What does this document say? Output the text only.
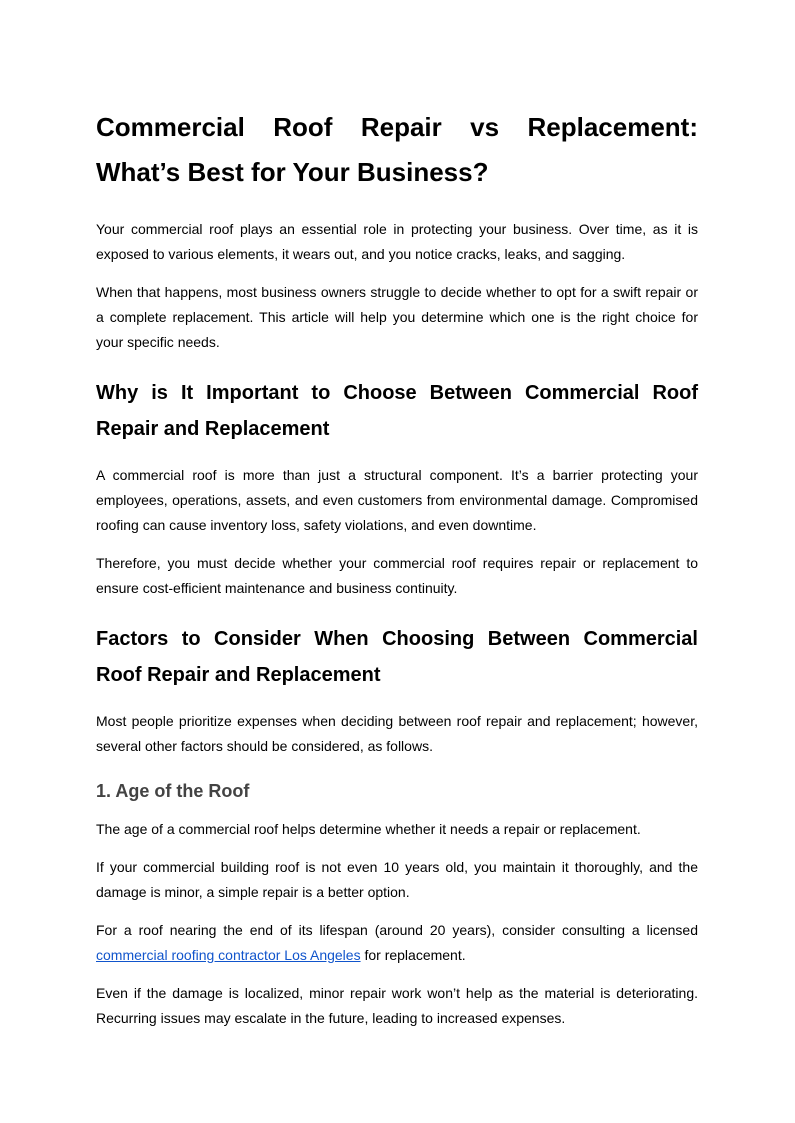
Commercial Roof Repair vs Replacement: What’s Best for Your Business?

Your commercial roof plays an essential role in protecting your business. Over time, as it is exposed to various elements, it wears out, and you notice cracks, leaks, and sagging.

When that happens, most business owners struggle to decide whether to opt for a swift repair or a complete replacement. This article will help you determine which one is the right choice for your specific needs.

Why is It Important to Choose Between Commercial Roof Repair and Replacement

A commercial roof is more than just a structural component. It’s a barrier protecting your employees, operations, assets, and even customers from environmental damage. Compromised roofing can cause inventory loss, safety violations, and even downtime.

Therefore, you must decide whether your commercial roof requires repair or replacement to ensure cost-efficient maintenance and business continuity.

Factors to Consider When Choosing Between Commercial Roof Repair and Replacement

Most people prioritize expenses when deciding between roof repair and replacement; however, several other factors should be considered, as follows.

1. Age of the Roof

The age of a commercial roof helps determine whether it needs a repair or replacement.

If your commercial building roof is not even 10 years old, you maintain it thoroughly, and the damage is minor, a simple repair is a better option.

For a roof nearing the end of its lifespan (around 20 years), consider consulting a licensed commercial roofing contractor Los Angeles for replacement.

Even if the damage is localized, minor repair work won’t help as the material is deteriorating. Recurring issues may escalate in the future, leading to increased expenses.
